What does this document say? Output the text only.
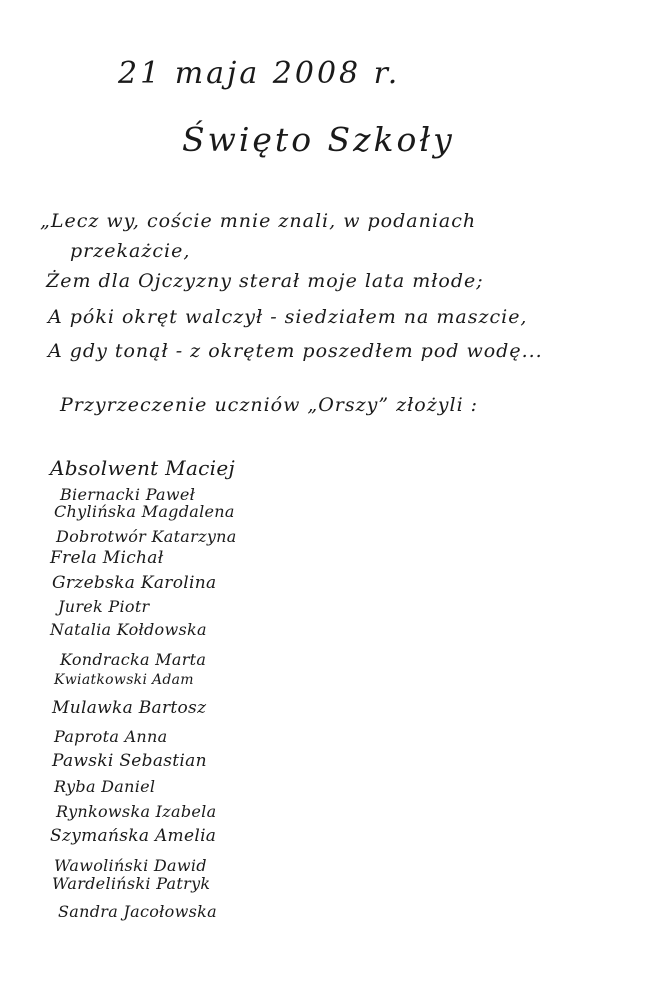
21 maja 2008 r.
Święto Szkoły
„Lecz wy, coście mnie znali, w podaniach
przekażcie,
Żem dla Ojczyzny sterał moje lata młode;
A póki okręt walczył - siedziałem na maszcie,
A gdy tonął - z okrętem poszedłem pod wodę...
Przyrzeczenie uczniów „Orszy” złożyli :
Absolwent Maciej
Biernacki Paweł
Chylińska Magdalena
Dobrotwór Katarzyna
Frela Michał
Grzebska Karolina
Jurek Piotr
Natalia Kołdowska
Kondracka Marta
Kwiatkowski Adam
Mulawka Bartosz
Paprota Anna
Pawski Sebastian
Ryba Daniel
Rynkowska Izabela
Szymańska Amelia
Wawoliński Dawid
Wardeliński Patryk
Sandra Jacołowska
